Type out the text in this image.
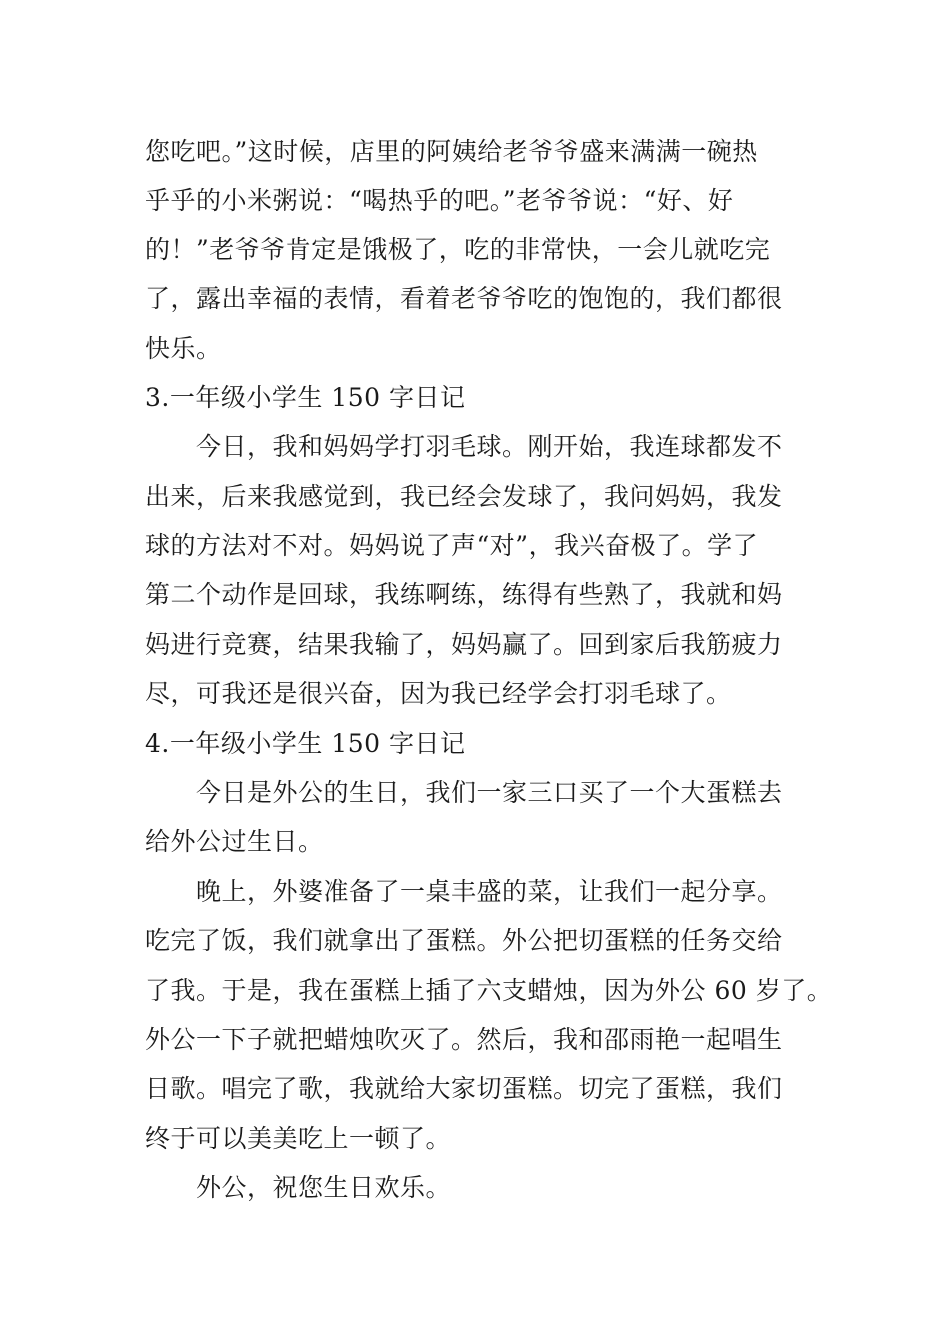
您吃吧。”这时候，店里的阿姨给老爷爷盛来满满一碗热
乎乎的小米粥说：“喝热乎的吧。”老爷爷说：“好、好
的！”老爷爷肯定是饿极了，吃的非常快，一会儿就吃完
了，露出幸福的表情，看着老爷爷吃的饱饱的，我们都很
快乐。
3.一年级小学生 150 字日记
今日，我和妈妈学打羽毛球。刚开始，我连球都发不
出来，后来我感觉到，我已经会发球了，我问妈妈，我发
球的方法对不对。妈妈说了声“对”，我兴奋极了。学了
第二个动作是回球，我练啊练，练得有些熟了，我就和妈
妈进行竞赛，结果我输了，妈妈赢了。回到家后我筋疲力
尽，可我还是很兴奋，因为我已经学会打羽毛球了。
4.一年级小学生 150 字日记
今日是外公的生日，我们一家三口买了一个大蛋糕去
给外公过生日。
晚上，外婆准备了一桌丰盛的菜，让我们一起分享。
吃完了饭，我们就拿出了蛋糕。外公把切蛋糕的任务交给
了我。于是，我在蛋糕上插了六支蜡烛，因为外公 60 岁了。
外公一下子就把蜡烛吹灭了。然后，我和邵雨艳一起唱生
日歌。唱完了歌，我就给大家切蛋糕。切完了蛋糕，我们
终于可以美美吃上一顿了。
外公，祝您生日欢乐。
